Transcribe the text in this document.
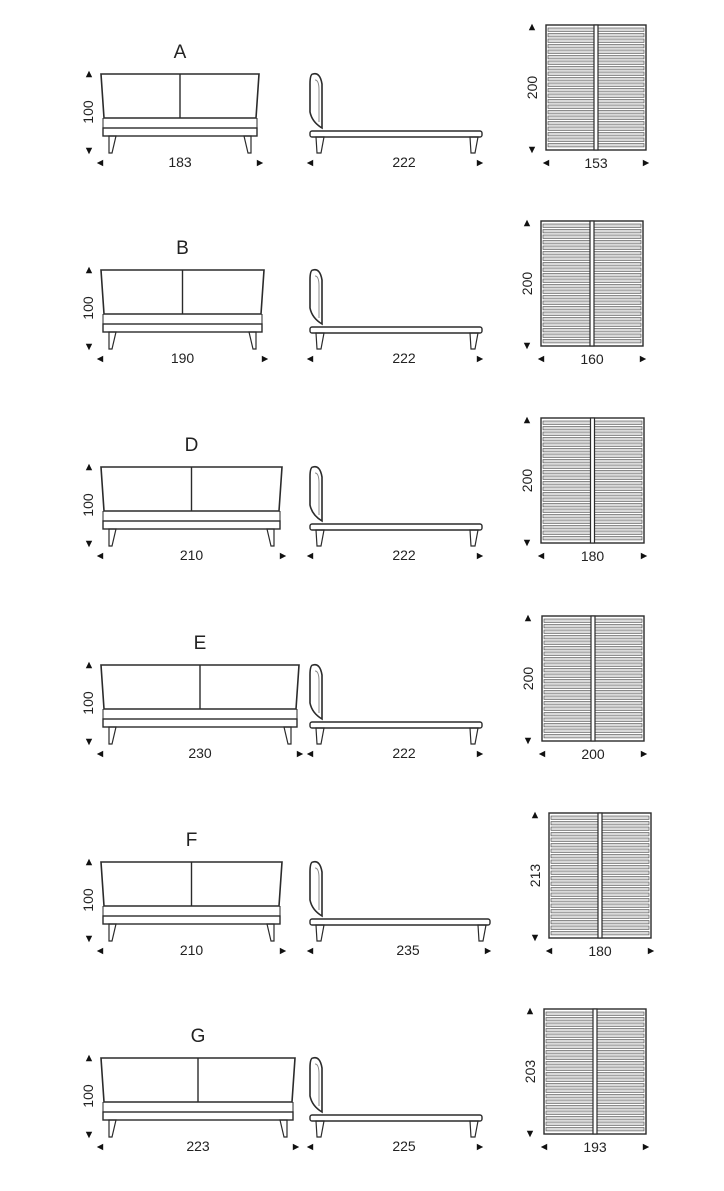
A
100
183	222
200
153
B
100
190	222
200
160
D
100
210	222
200
180
E
100
230	222
200
200
F
100
210	235
213
180
G
100
223	225
203
193
